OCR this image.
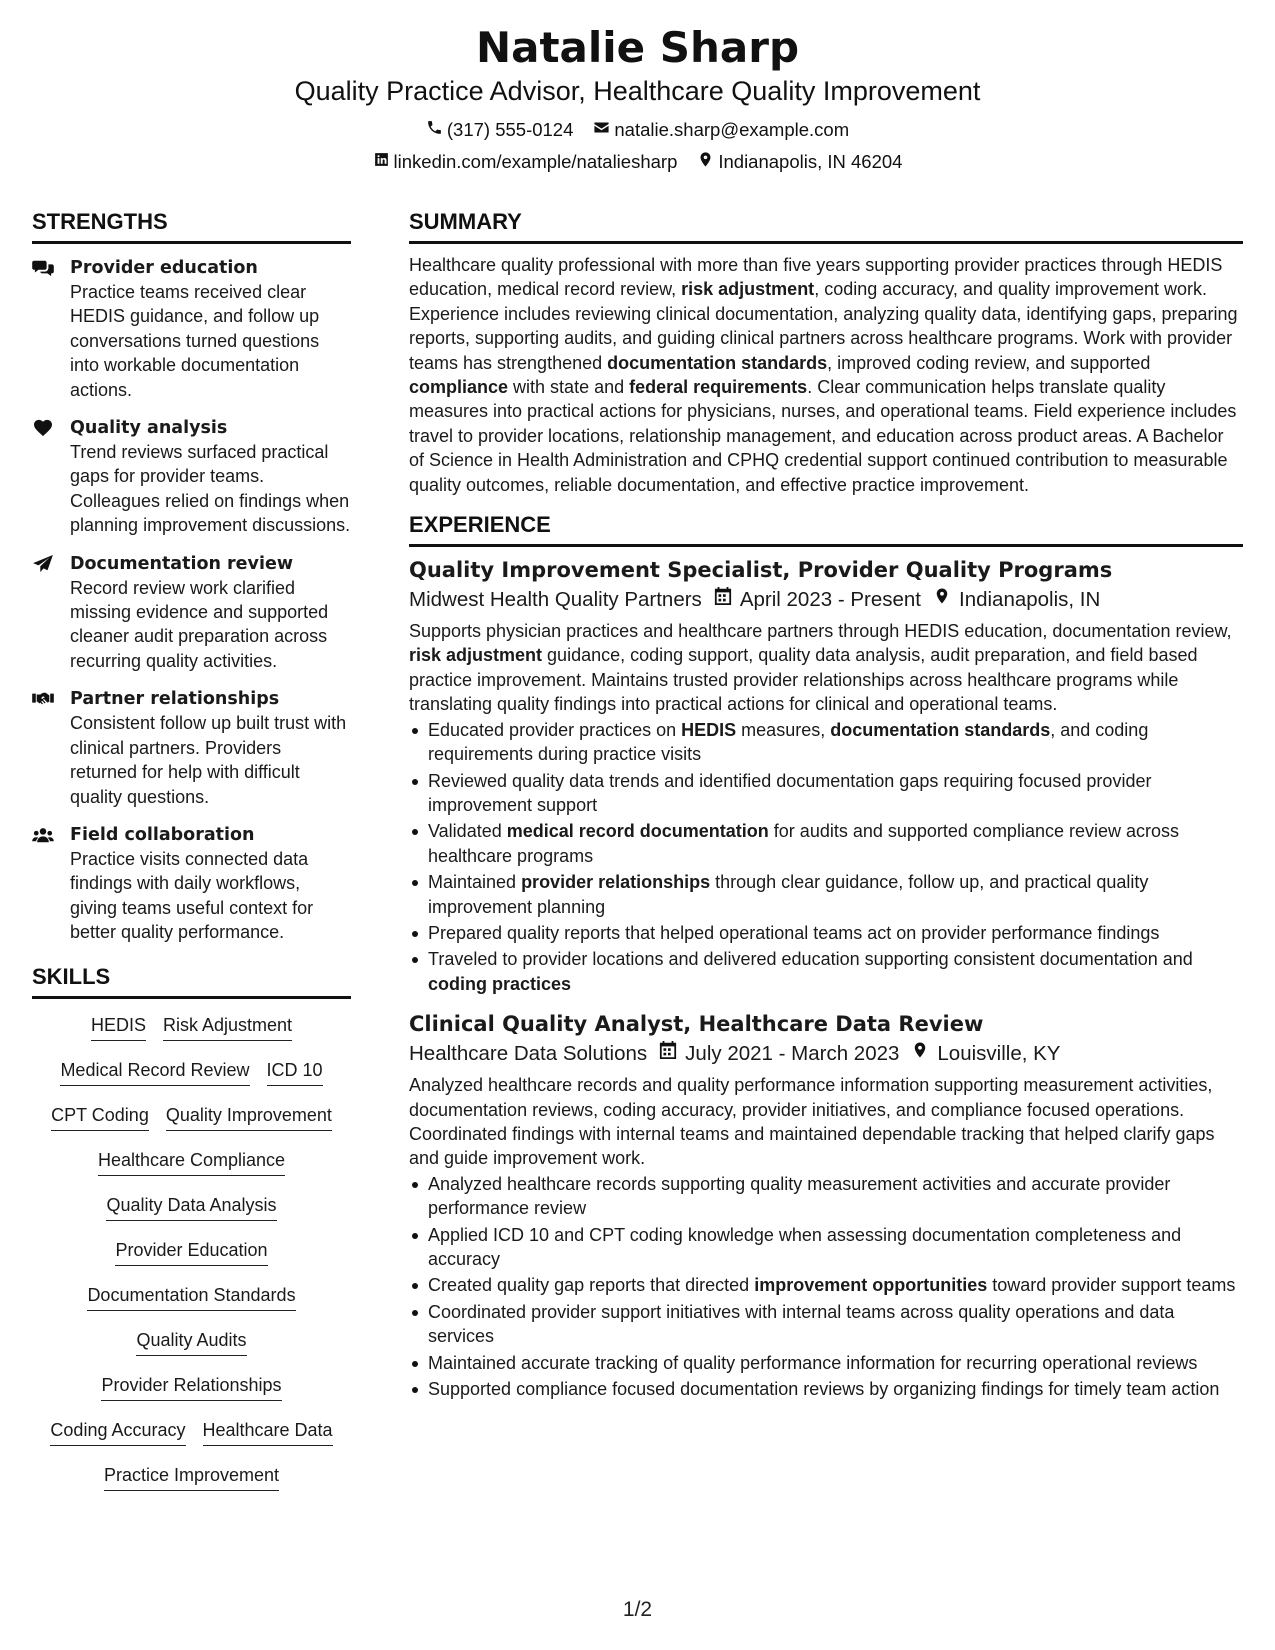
Natalie Sharp
Quality Practice Advisor, Healthcare Quality Improvement
(317) 555-0124 natalie.sharp@example.com
linkedin.com/example/nataliesharp Indianapolis, IN 46204
STRENGTHS
Provider education
Practice teams received clear HEDIS guidance, and follow up conversations turned questions into workable documentation actions.
Quality analysis
Trend reviews surfaced practical gaps for provider teams. Colleagues relied on findings when planning improvement discussions.
Documentation review
Record review work clarified missing evidence and supported cleaner audit preparation across recurring quality activities.
Partner relationships
Consistent follow up built trust with clinical partners. Providers returned for help with difficult quality questions.
Field collaboration
Practice visits connected data findings with daily workflows, giving teams useful context for better quality performance.
SKILLS
HEDIS Risk Adjustment
Medical Record Review ICD 10
CPT Coding Quality Improvement
Healthcare Compliance
Quality Data Analysis
Provider Education
Documentation Standards
Quality Audits
Provider Relationships
Coding Accuracy Healthcare Data
Practice Improvement
SUMMARY
Healthcare quality professional with more than five years supporting provider practices through HEDIS education, medical record review, risk adjustment, coding accuracy, and quality improvement work. Experience includes reviewing clinical documentation, analyzing quality data, identifying gaps, preparing reports, supporting audits, and guiding clinical partners across healthcare programs. Work with provider teams has strengthened documentation standards, improved coding review, and supported compliance with state and federal requirements. Clear communication helps translate quality measures into practical actions for physicians, nurses, and operational teams. Field experience includes travel to provider locations, relationship management, and education across product areas. A Bachelor of Science in Health Administration and CPHQ credential support continued contribution to measurable quality outcomes, reliable documentation, and effective practice improvement.
EXPERIENCE
Quality Improvement Specialist, Provider Quality Programs
Midwest Health Quality Partners April 2023 - Present Indianapolis, IN
Supports physician practices and healthcare partners through HEDIS education, documentation review, risk adjustment guidance, coding support, quality data analysis, audit preparation, and field based practice improvement. Maintains trusted provider relationships across healthcare programs while translating quality findings into practical actions for clinical and operational teams.
Educated provider practices on HEDIS measures, documentation standards, and coding requirements during practice visits
Reviewed quality data trends and identified documentation gaps requiring focused provider improvement support
Validated medical record documentation for audits and supported compliance review across healthcare programs
Maintained provider relationships through clear guidance, follow up, and practical quality improvement planning
Prepared quality reports that helped operational teams act on provider performance findings
Traveled to provider locations and delivered education supporting consistent documentation and coding practices
Clinical Quality Analyst, Healthcare Data Review
Healthcare Data Solutions July 2021 - March 2023 Louisville, KY
Analyzed healthcare records and quality performance information supporting measurement activities, documentation reviews, coding accuracy, provider initiatives, and compliance focused operations. Coordinated findings with internal teams and maintained dependable tracking that helped clarify gaps and guide improvement work.
Analyzed healthcare records supporting quality measurement activities and accurate provider performance review
Applied ICD 10 and CPT coding knowledge when assessing documentation completeness and accuracy
Created quality gap reports that directed improvement opportunities toward provider support teams
Coordinated provider support initiatives with internal teams across quality operations and data services
Maintained accurate tracking of quality performance information for recurring operational reviews
Supported compliance focused documentation reviews by organizing findings for timely team action
1/2
